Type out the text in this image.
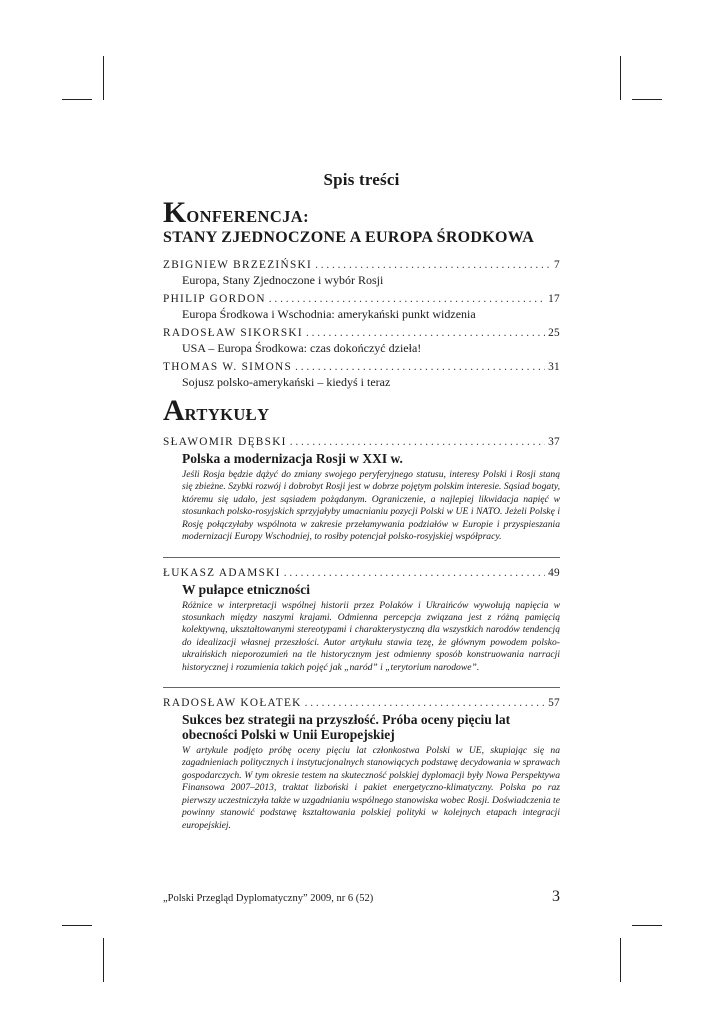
Spis treści
KONFERENCJA:
STANY ZJEDNOCZONE A EUROPA ŚRODKOWA
ZBIGNIEW BRZEZIŃSKI . . .	7
Europa, Stany Zjednoczone i wybór Rosji
PHILIP GORDON . . .	17
Europa Środkowa i Wschodnia: amerykański punkt widzenia
RADOSŁAW SIKORSKI . . .	25
USA – Europa Środkowa: czas dokończyć dzieła!
THOMAS W. SIMONS . . .	31
Sojusz polsko-amerykański – kiedyś i teraz
ARTYKUŁY
SŁAWOMIR DĘBSKI . . .	37
Polska a modernizacja Rosji w XXI w.
Jeśli Rosja będzie dążyć do zmiany swojego peryferyjnego statusu, interesy Polski i Rosji staną się zbieżne. Szybki rozwój i dobrobyt Rosji jest w dobrze pojętym polskim interesie. Sąsiad bogaty, któremu się udało, jest sąsiadem pożądanym. Ograniczenie, a najlepiej likwidacja napięć w stosunkach polsko-rosyjskich sprzyjałyby umacnianiu pozycji Polski w UE i NATO. Jeżeli Polskę i Rosję połączyłaby wspólnota w zakresie przełamywania podziałów w Europie i przyspieszania modernizacji Europy Wschodniej, to rosłby potencjał polsko-rosyjskiej współpracy.
ŁUKASZ ADAMSKI . . .	49
W pułapce etniczności
Różnice w interpretacji wspólnej historii przez Polaków i Ukraińców wywołują napięcia w stosunkach między naszymi krajami. Odmienna percepcja związana jest z różną pamięcią kolektywną, ukształtowanymi stereotypami i charakterystyczną dla wszystkich narodów tendencją do idealizacji własnej przeszłości. Autor artykułu stawia tezę, że głównym powodem polsko-ukraińskich nieporozumień na tle historycznym jest odmienny sposób konstruowania narracji historycznej i rozumienia takich pojęć jak „naród” i „terytorium narodowe”.
RADOSŁAW KOŁATEK . . .	57
Sukces bez strategii na przyszłość. Próba oceny pięciu lat obecności Polski w Unii Europejskiej
W artykule podjęto próbę oceny pięciu lat członkostwa Polski w UE, skupiając się na zagadnieniach politycznych i instytucjonalnych stanowiących podstawę decydowania w sprawach gospodarczych. W tym okresie testem na skuteczność polskiej dyplomacji były Nowa Perspektywa Finansowa 2007–2013, traktat lizboński i pakiet energetyczno-klimatyczny. Polska po raz pierwszy uczestniczyła także w uzgadnianiu wspólnego stanowiska wobec Rosji. Doświadczenia te powinny stanowić podstawę kształtowania polskiej polityki w kolejnych etapach integracji europejskiej.
„Polski Przegląd Dyplomatyczny” 2009, nr 6 (52)	3
